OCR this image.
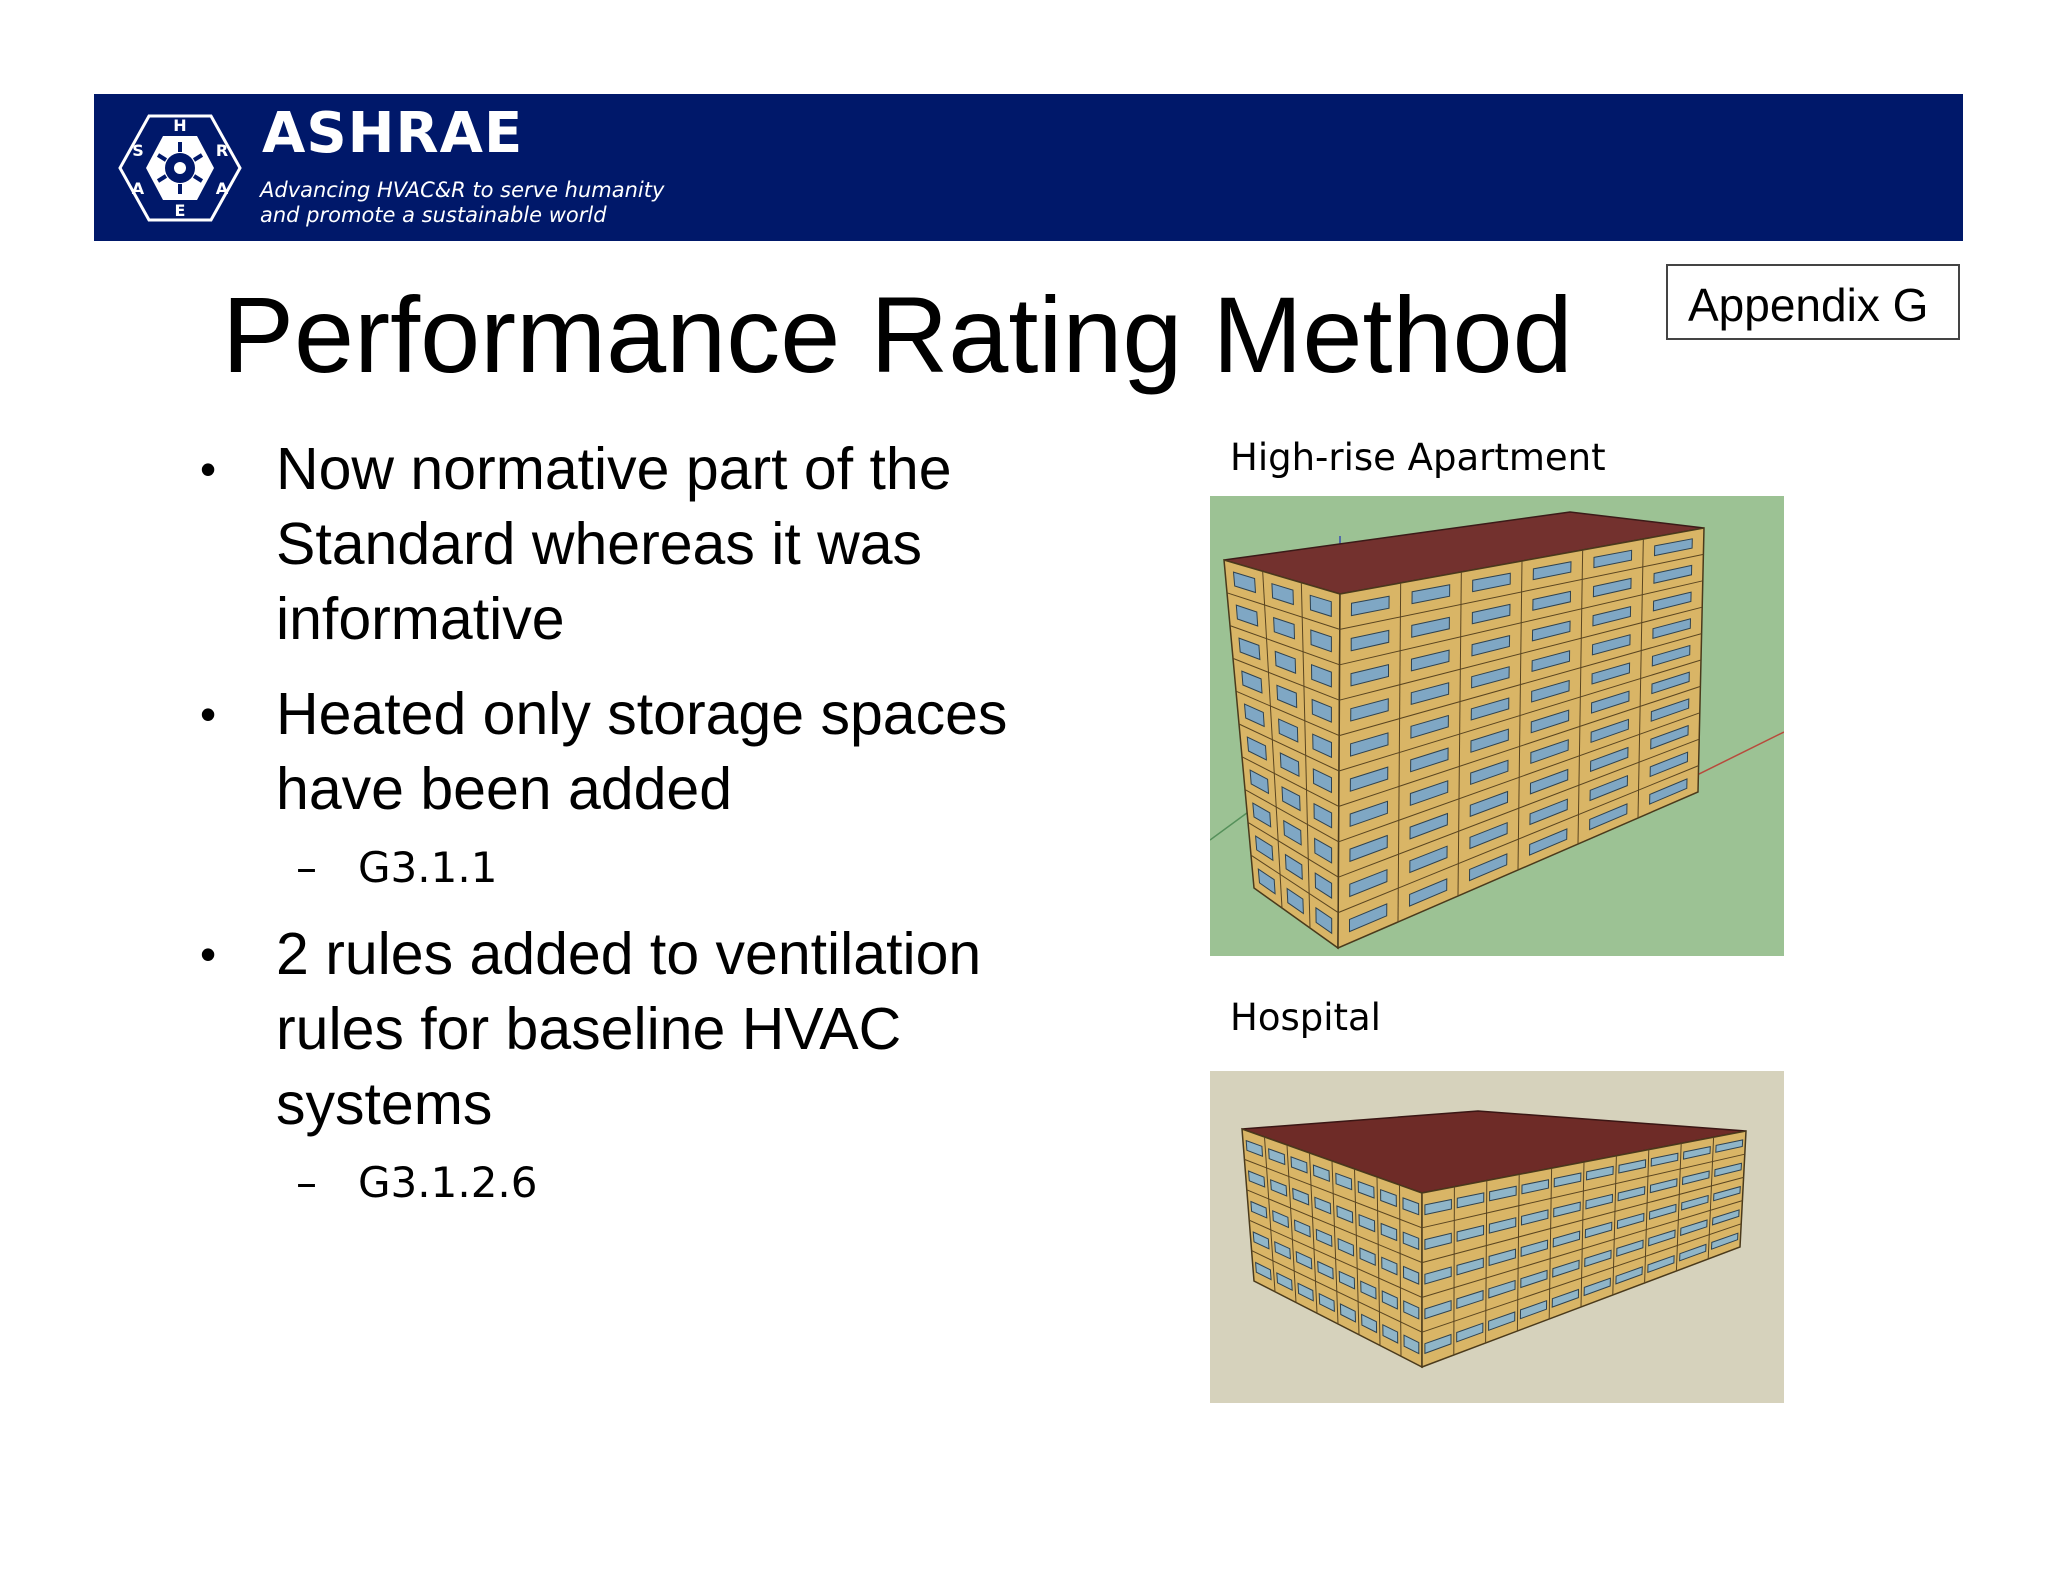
H
R
A
E
A
S ASHRAE
Advancing HVAC&R to serve humanity
and promote a sustainable world
Performance Rating Method	Appendix G
• Now normative part of the Standard whereas it was informative
• Heated only storage spaces have been added
– G3.1.1
• 2 rules added to ventilation rules for baseline HVAC systems
– G3.1.2.6
High-rise Apartment
Hospital
